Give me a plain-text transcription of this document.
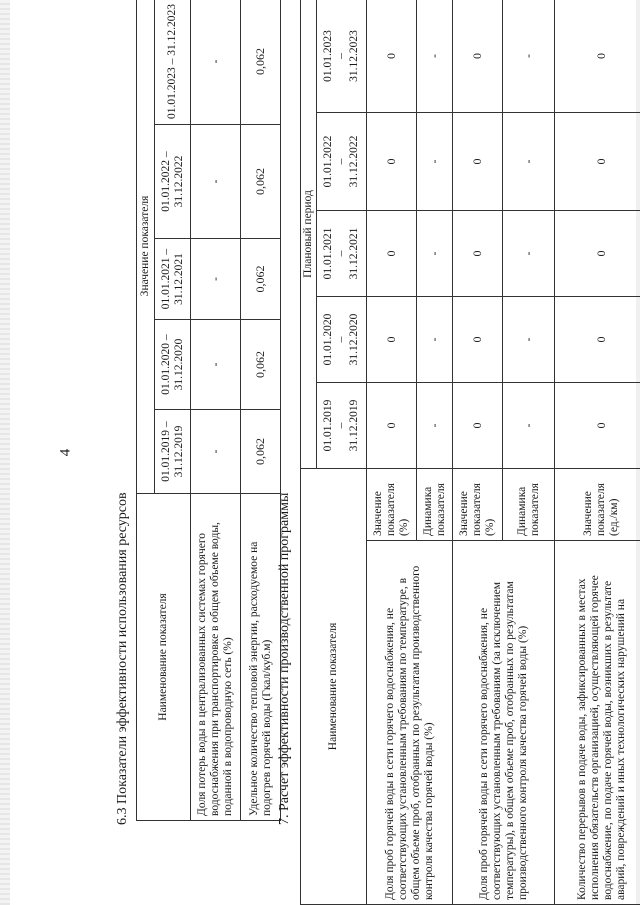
4
6.3 Показатели эффективности использования ресурсов Наименование показателя	Значение показателя				
	01.01.2019 – 31.12.2019	01.01.2020 – 31.12.2020	01.01.2021 – 31.12.2021	01.01.2022 – 31.12.2022	01.01.2023 – 31.12.2023
Доля потерь воды в централизованных системах горячего водоснабжения при транспортировке в общем объеме воды, поданной в водопроводную сеть (%)	-	-	-	-	-
Удельное количество тепловой энергии, расходуемое на подогрев горячей воды (Гкал/куб.м)	0,062	0,062	0,062	0,062	0,062
7. Расчет эффективности производственной программы	Наименование показателя		Плановый период				
		01.01.2019
–
31.12.2019	01.01.2020
–
31.12.2020	01.01.2021
–
31.12.2021	01.01.2022
–
31.12.2022	01.01.2023
–
31.12.2023
Доля проб горячей воды в сети горячего водоснабжения, не соответствующих установленным требованиям по температуре, в общем объеме проб, отобранных по результатам производственного контроля качества горячей воды (%)	Значение показателя (%)	0	0	0	0	0
	Динамика показателя	-	-	-	-	-
Доля проб горячей воды в сети горячего водоснабжения, не соответствующих установленным требованиям (за исключением температуры), в общем объеме проб, отобранных по результатам производственного контроля качества горячей воды (%)	Значение показателя (%)	0	0	0	0	0
	Динамика показателя	-	-	-	-	-
Количество перерывов в подаче воды, зафиксированных в местах исполнения обязательств организацией, осуществляющей горячее водоснабжение, по подаче горячей воды, возникших в результате аварий, повреждений и иных технологических нарушений на	Значение показателя (ед./км)	0	0	0	0	0
